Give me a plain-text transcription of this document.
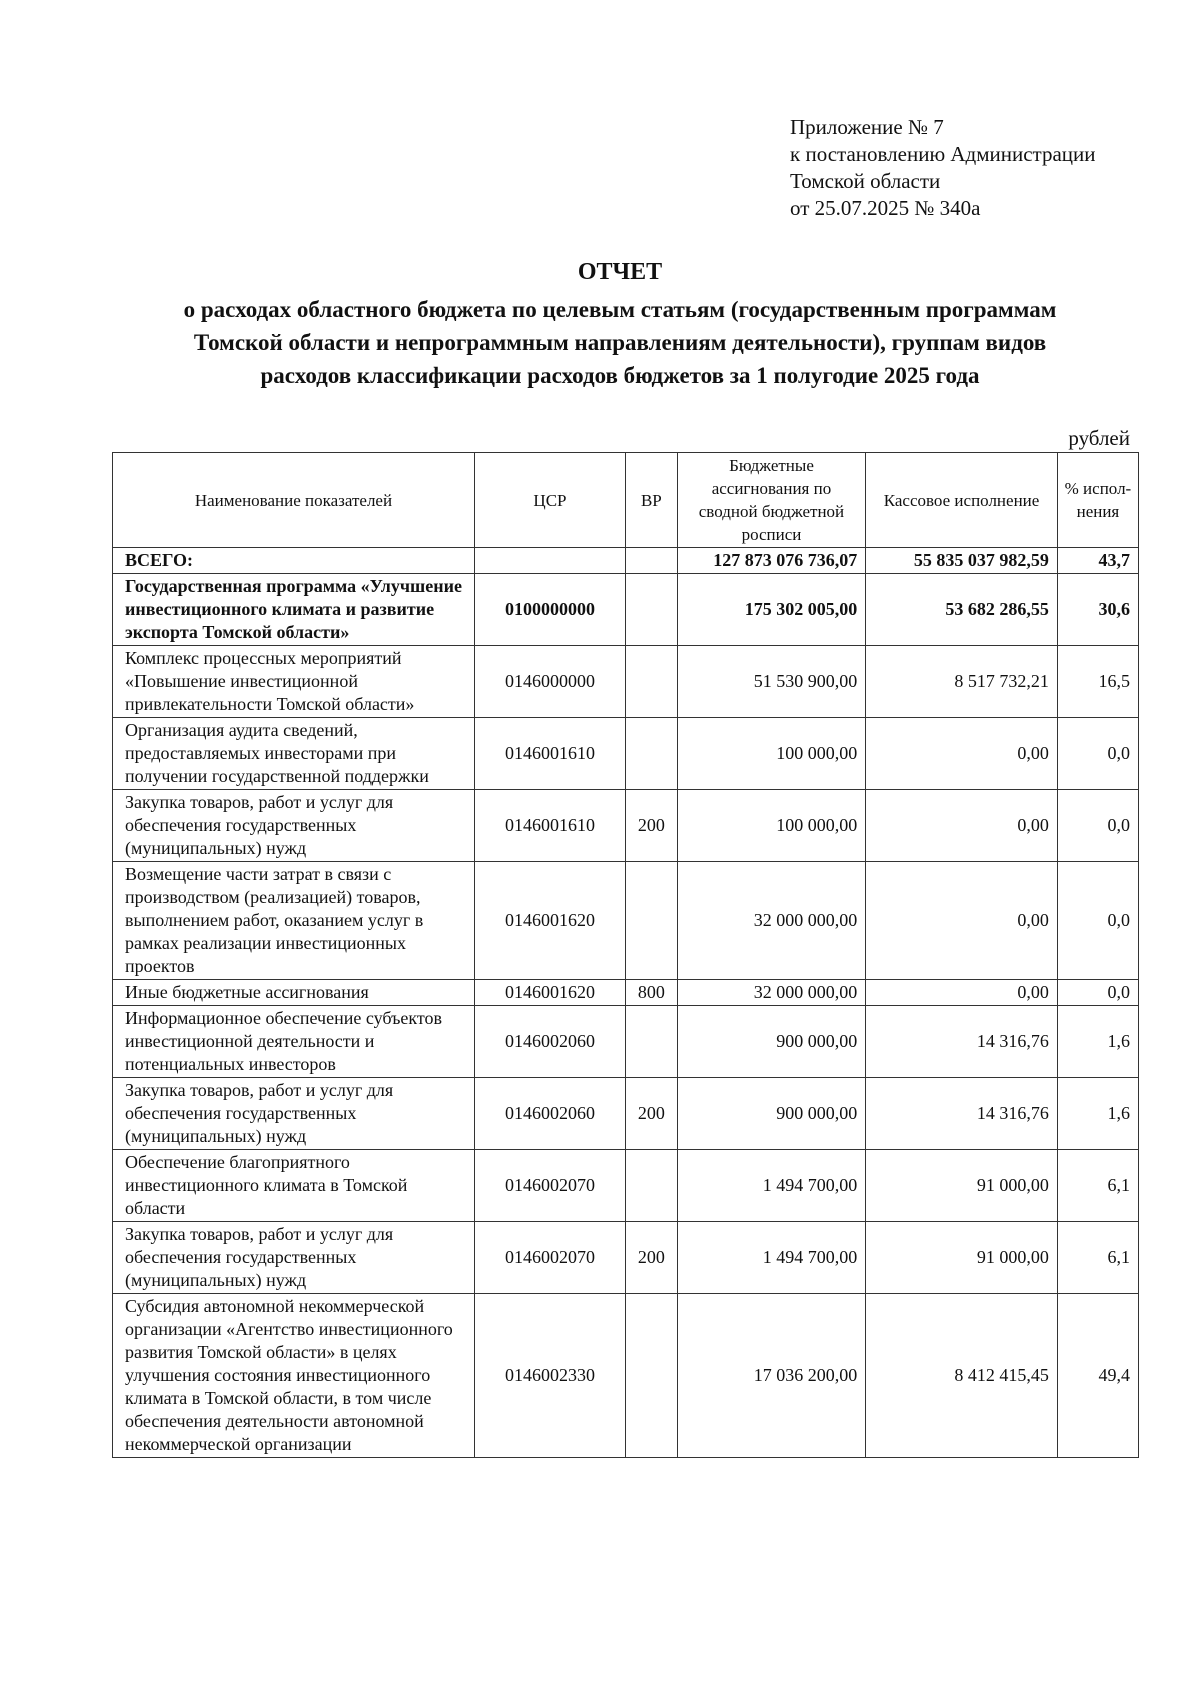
Приложение № 7
к постановлению Администрации
Томской области
от 25.07.2025 № 340а
ОТЧЕТ
о расходах областного бюджета по целевым статьям (государственным программам
Томской области и непрограммным направлениям деятельности), группам видов
расходов классификации расходов бюджетов за 1 полугодие 2025 года
рублей
Наименование показателей	ЦСР	ВР	Бюджетные ассигнования по сводной бюджетной росписи	Кассовое исполнение	% испол-нения
ВСЕГО:			127 873 076 736,07	55 835 037 982,59	43,7
Государственная программа «Улучшение инвестиционного климата и развитие экспорта Томской области»	0100000000		175 302 005,00	53 682 286,55	30,6
Комплекс процессных мероприятий «Повышение инвестиционной привлекательности Томской области»	0146000000		51 530 900,00	8 517 732,21	16,5
Организация аудита сведений, предоставляемых инвесторами при получении государственной поддержки	0146001610		100 000,00	0,00	0,0
Закупка товаров, работ и услуг для обеспечения государственных (муниципальных) нужд	0146001610	200	100 000,00	0,00	0,0
Возмещение части затрат в связи с производством (реализацией) товаров, выполнением работ, оказанием услуг в рамках реализации инвестиционных проектов	0146001620		32 000 000,00	0,00	0,0
Иные бюджетные ассигнования	0146001620	800	32 000 000,00	0,00	0,0
Информационное обеспечение субъектов инвестиционной деятельности и потенциальных инвесторов	0146002060		900 000,00	14 316,76	1,6
Закупка товаров, работ и услуг для обеспечения государственных (муниципальных) нужд	0146002060	200	900 000,00	14 316,76	1,6
Обеспечение благоприятного инвестиционного климата в Томской области	0146002070		1 494 700,00	91 000,00	6,1
Закупка товаров, работ и услуг для обеспечения государственных (муниципальных) нужд	0146002070	200	1 494 700,00	91 000,00	6,1
Субсидия автономной некоммерческой организации «Агентство инвестиционного развития Томской области» в целях улучшения состояния инвестиционного климата в Томской области, в том числе обеспечения деятельности автономной некоммерческой организации	0146002330		17 036 200,00	8 412 415,45	49,4
